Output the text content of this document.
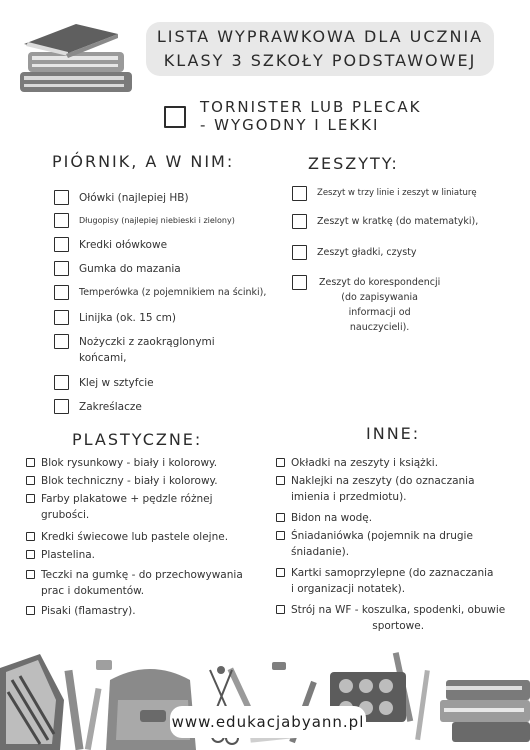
LISTA WYPRAWKOWA DLA UCZNIA
KLASY 3 SZKOŁY PODSTAWOWEJ
TORNISTER LUB PLECAK
- WYGODNY I LEKKI
PIÓRNIK, A W NIM:
Ołówki (najlepiej HB)
Długopisy (najlepiej niebieski i zielony)
Kredki ołówkowe
Gumka do mazania
Temperówka (z pojemnikiem na ścinki),
Linijka (ok. 15 cm)
Nożyczki z zaokrąglonymi
końcami,
Klej w sztyfcie
Zakreślacze
ZESZYTY:
Zeszyt w trzy linie i zeszyt w liniaturę
Zeszyt w kratkę (do matematyki),
Zeszyt gładki, czysty
Zeszyt do korespondencji
(do zapisywania
informacji od
nauczycieli).
PLASTYCZNE:
Blok rysunkowy - biały i kolorowy.
Blok techniczny - biały i kolorowy.
Farby plakatowe + pędzle różnej
grubości.
Kredki świecowe lub pastele olejne.
Plastelina.
Teczki na gumkę - do przechowywania
prac i dokumentów.
Pisaki (flamastry).
INNE:
Okładki na zeszyty i książki.
Naklejki na zeszyty (do oznaczania
imienia i przedmiotu).
Bidon na wodę.
Śniadaniówka (pojemnik na drugie
śniadanie).
Kartki samoprzylepne (do zaznaczania
i organizacji notatek).
Strój na WF - koszulka, spodenki, obuwie
sportowe.
www.edukacjabyann.pl
